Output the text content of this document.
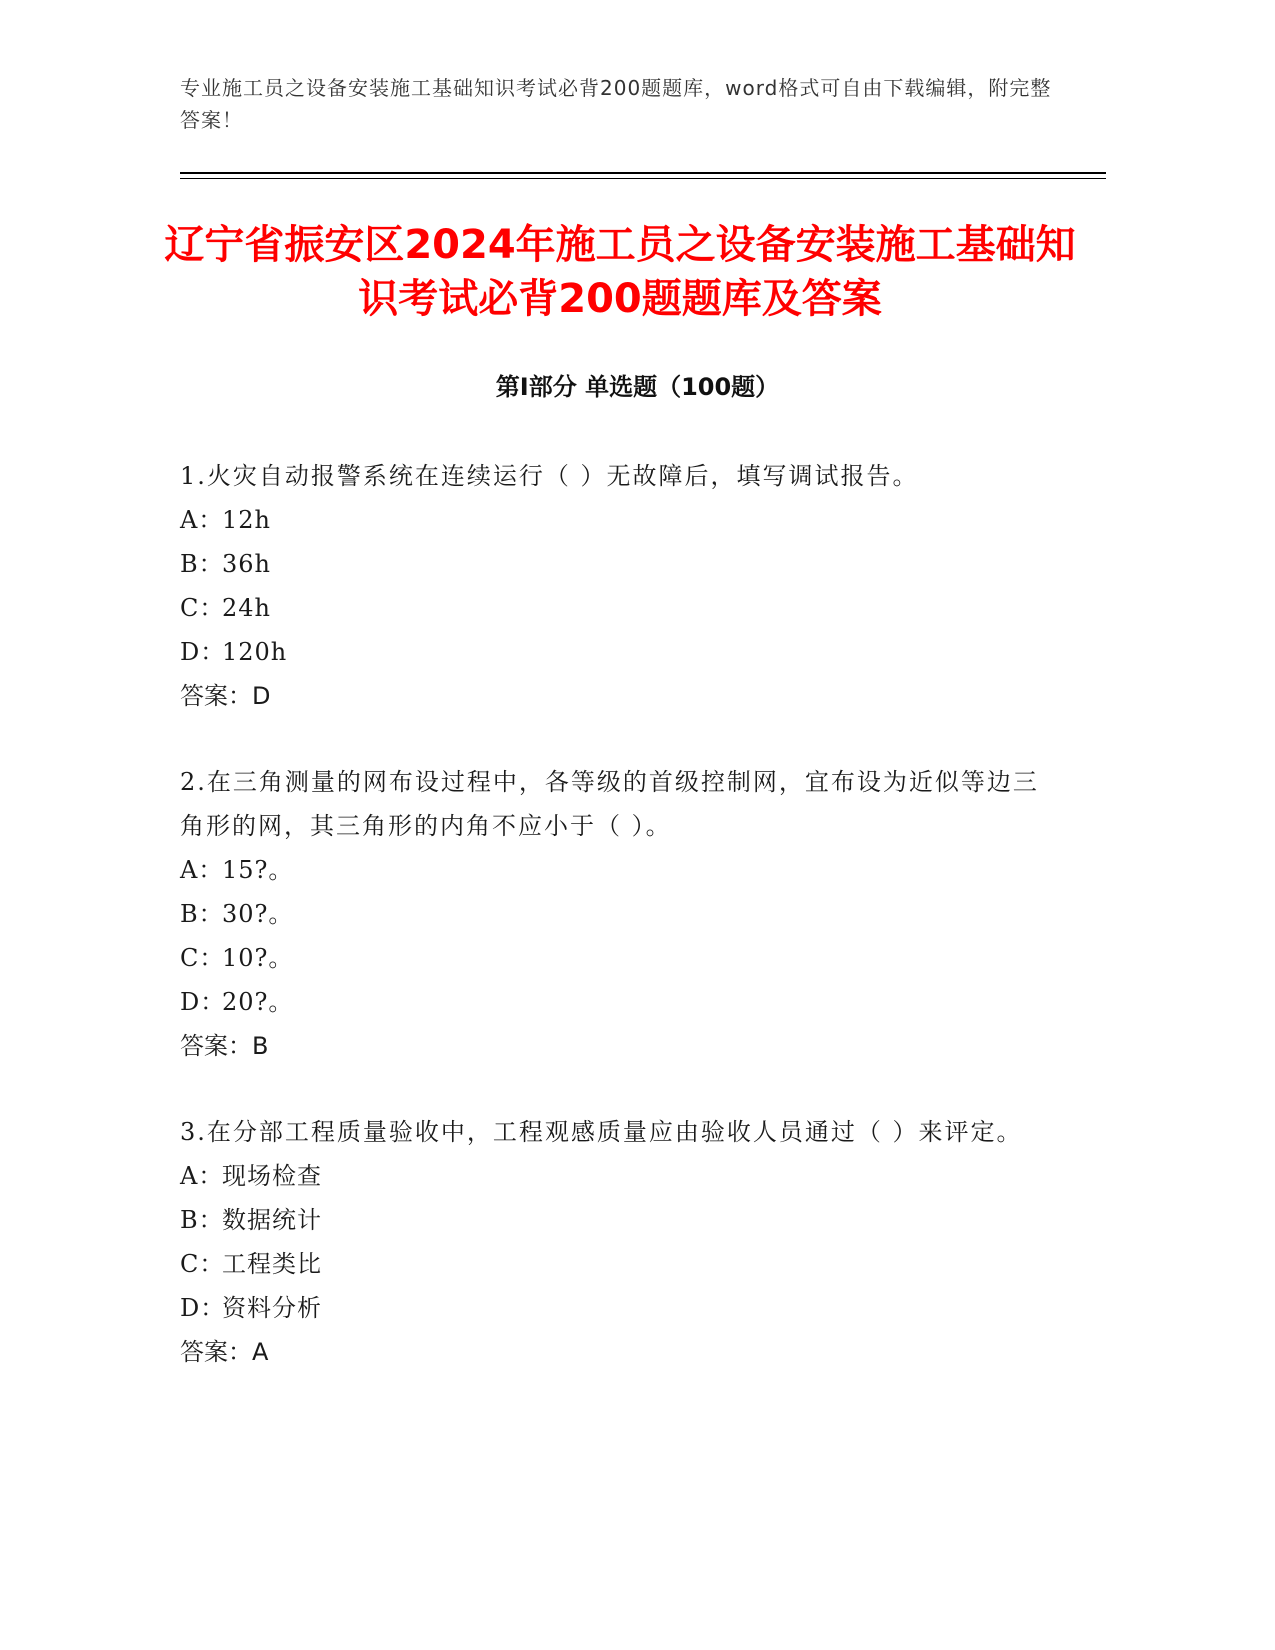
专业施工员之设备安装施工基础知识考试必背200题题库，word格式可自由下载编辑，附完整答案！
辽宁省振安区2024年施工员之设备安装施工基础知识考试必背200题题库及答案
第Ⅰ部分 单选题（100题）
1.火灾自动报警系统在连续运行（ ）无故障后，填写调试报告。
A：12h
B：36h
C：24h
D：120h
答案：D
2.在三角测量的网布设过程中，各等级的首级控制网，宜布设为近似等边三角形的网，其三角形的内角不应小于（ ）。
A：15?。
B：30?。
C：10?。
D：20?。
答案：B
3.在分部工程质量验收中，工程观感质量应由验收人员通过（ ）来评定。
A：现场检查
B：数据统计
C：工程类比
D：资料分析
答案：A
